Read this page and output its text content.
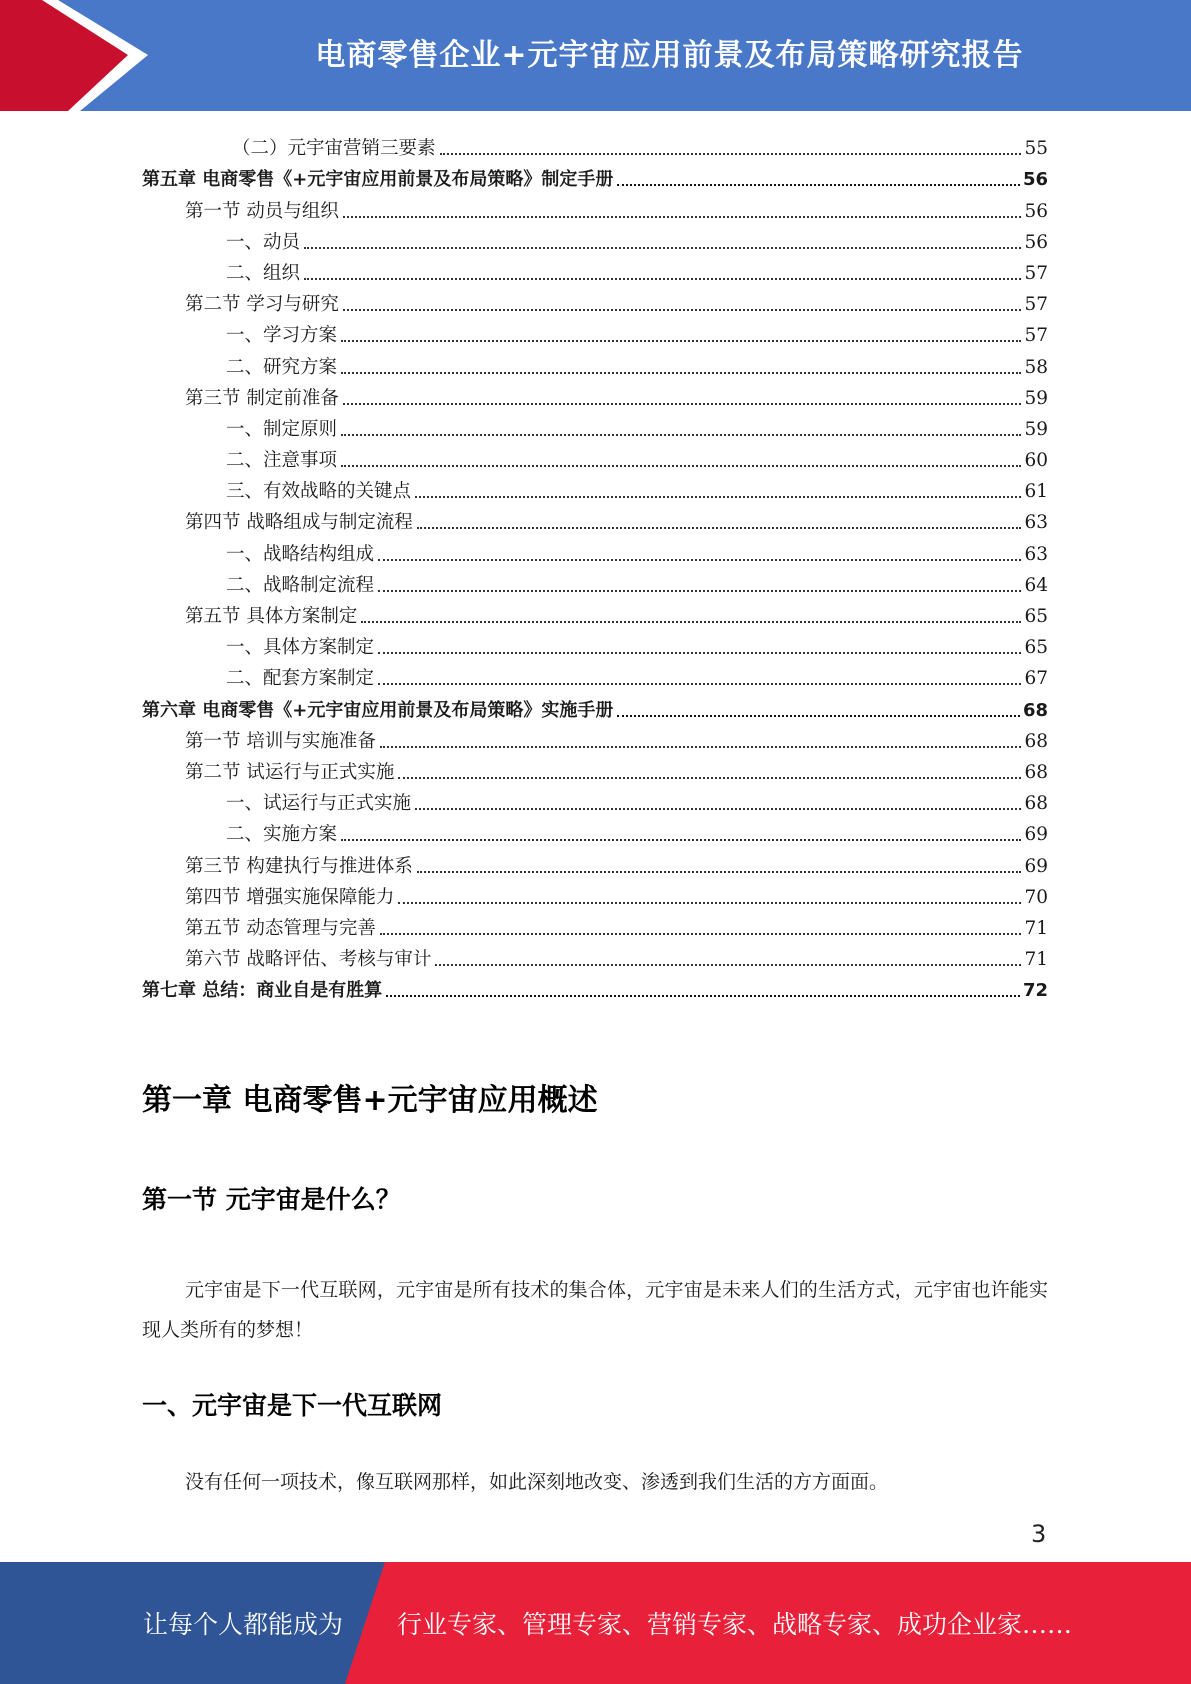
电商零售企业+元宇宙应用前景及布局策略研究报告
（二）元宇宙营销三要素	55
第五章 电商零售《+元宇宙应用前景及布局策略》制定手册	56
第一节 动员与组织	56
一、动员	56
二、组织	57
第二节 学习与研究	57
一、学习方案	57
二、研究方案	58
第三节 制定前准备	59
一、制定原则	59
二、注意事项	60
三、有效战略的关键点	61
第四节 战略组成与制定流程	63
一、战略结构组成	63
二、战略制定流程	64
第五节 具体方案制定	65
一、具体方案制定	65
二、配套方案制定	67
第六章 电商零售《+元宇宙应用前景及布局策略》实施手册	68
第一节 培训与实施准备	68
第二节 试运行与正式实施	68
一、试运行与正式实施	68
二、实施方案	69
第三节 构建执行与推进体系	69
第四节 增强实施保障能力	70
第五节 动态管理与完善	71
第六节 战略评估、考核与审计	71
第七章 总结：商业自是有胜算	72
第一章 电商零售+元宇宙应用概述
第一节 元宇宙是什么？
元宇宙是下一代互联网，元宇宙是所有技术的集合体，元宇宙是未来人们的生活方式，元宇宙也许能实现人类所有的梦想！
一、元宇宙是下一代互联网
没有任何一项技术，像互联网那样，如此深刻地改变、渗透到我们生活的方方面面。
3
让每个人都能成为 行业专家、管理专家、营销专家、战略专家、成功企业家……
